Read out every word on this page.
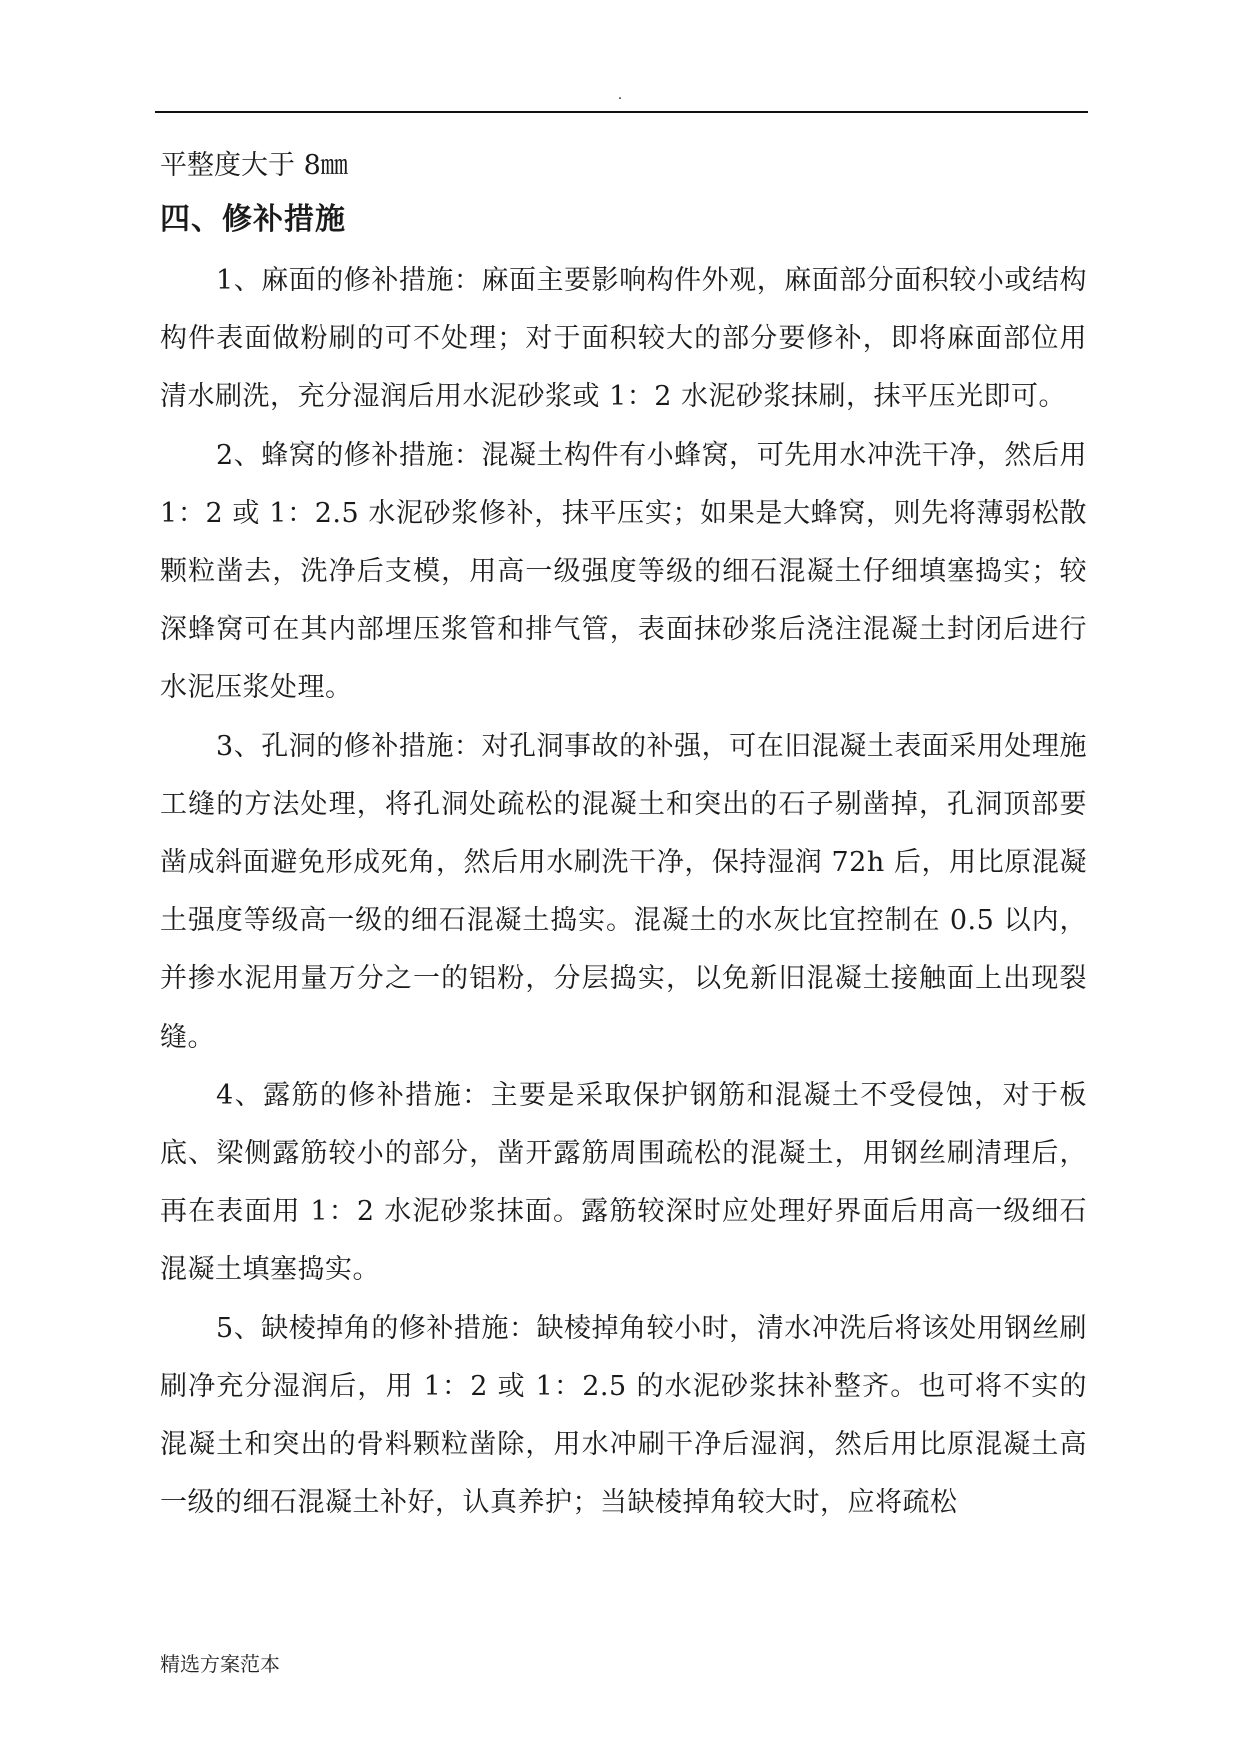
.

平整度大于 8㎜

四、修补措施

1、麻面的修补措施：麻面主要影响构件外观，麻面部分面积较小或结构构件表面做粉刷的可不处理；对于面积较大的部分要修补，即将麻面部位用清水刷洗，充分湿润后用水泥砂浆或 1：2 水泥砂浆抹刷，抹平压光即可。

2、蜂窝的修补措施：混凝土构件有小蜂窝，可先用水冲洗干净，然后用 1：2 或 1：2.5 水泥砂浆修补，抹平压实；如果是大蜂窝，则先将薄弱松散颗粒凿去，洗净后支模，用高一级强度等级的细石混凝土仔细填塞捣实；较深蜂窝可在其内部埋压浆管和排气管，表面抹砂浆后浇注混凝土封闭后进行水泥压浆处理。

3、孔洞的修补措施：对孔洞事故的补强，可在旧混凝土表面采用处理施工缝的方法处理，将孔洞处疏松的混凝土和突出的石子剔凿掉，孔洞顶部要凿成斜面避免形成死角，然后用水刷洗干净，保持湿润 72h 后，用比原混凝土强度等级高一级的细石混凝土捣实。混凝土的水灰比宜控制在 0.5 以内，并掺水泥用量万分之一的铝粉，分层捣实，以免新旧混凝土接触面上出现裂缝。

4、露筋的修补措施：主要是采取保护钢筋和混凝土不受侵蚀，对于板底、梁侧露筋较小的部分，凿开露筋周围疏松的混凝土，用钢丝刷清理后，再在表面用 1：2 水泥砂浆抹面。露筋较深时应处理好界面后用高一级细石混凝土填塞捣实。

5、缺棱掉角的修补措施：缺棱掉角较小时，清水冲洗后将该处用钢丝刷刷净充分湿润后，用 1：2 或 1：2.5 的水泥砂浆抹补整齐。也可将不实的混凝土和突出的骨料颗粒凿除，用水冲刷干净后湿润，然后用比原混凝土高一级的细石混凝土补好，认真养护；当缺棱掉角较大时，应将疏松

精选方案范本
